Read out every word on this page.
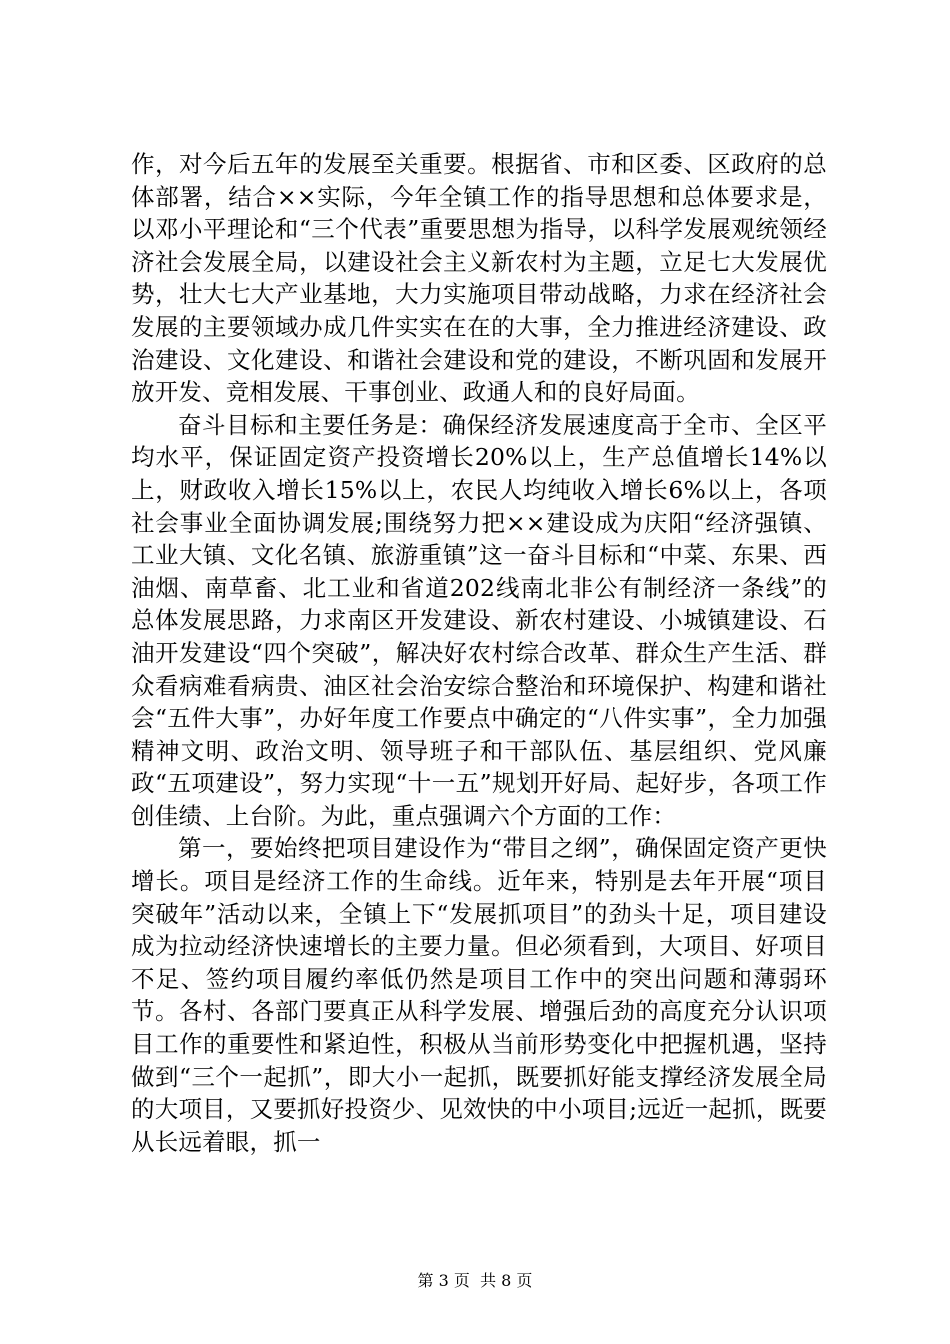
作，对今后五年的发展至关重要。根据省、市和区委、区政府的总体部署，结合××实际，今年全镇工作的指导思想和总体要求是，以邓小平理论和“三个代表”重要思想为指导，以科学发展观统领经济社会发展全局，以建设社会主义新农村为主题，立足七大发展优势，壮大七大产业基地，大力实施项目带动战略，力求在经济社会发展的主要领域办成几件实实在在的大事，全力推进经济建设、政治建设、文化建设、和谐社会建设和党的建设，不断巩固和发展开放开发、竞相发展、干事创业、政通人和的良好局面。

奋斗目标和主要任务是：确保经济发展速度高于全市、全区平均水平，保证固定资产投资增长20%以上，生产总值增长14%以上，财政收入增长15%以上，农民人均纯收入增长6%以上，各项社会事业全面协调发展;围绕努力把××建设成为庆阳“经济强镇、工业大镇、文化名镇、旅游重镇”这一奋斗目标和“中菜、东果、西油烟、南草畜、北工业和省道202线南北非公有制经济一条线”的总体发展思路，力求南区开发建设、新农村建设、小城镇建设、石油开发建设“四个突破”，解决好农村综合改革、群众生产生活、群众看病难看病贵、油区社会治安综合整治和环境保护、构建和谐社会“五件大事”，办好年度工作要点中确定的“八件实事”，全力加强精神文明、政治文明、领导班子和干部队伍、基层组织、党风廉政“五项建设”，努力实现“十一五”规划开好局、起好步，各项工作创佳绩、上台阶。为此，重点强调六个方面的工作：

第一，要始终把项目建设作为“带目之纲”，确保固定资产更快增长。项目是经济工作的生命线。近年来，特别是去年开展“项目突破年”活动以来，全镇上下“发展抓项目”的劲头十足，项目建设成为拉动经济快速增长的主要力量。但必须看到，大项目、好项目不足、签约项目履约率低仍然是项目工作中的突出问题和薄弱环节。各村、各部门要真正从科学发展、增强后劲的高度充分认识项目工作的重要性和紧迫性，积极从当前形势变化中把握机遇，坚持做到“三个一起抓”，即大小一起抓，既要抓好能支撑经济发展全局的大项目，又要抓好投资少、见效快的中小项目;远近一起抓，既要从长远着眼，抓一

第 3 页  共 8 页
